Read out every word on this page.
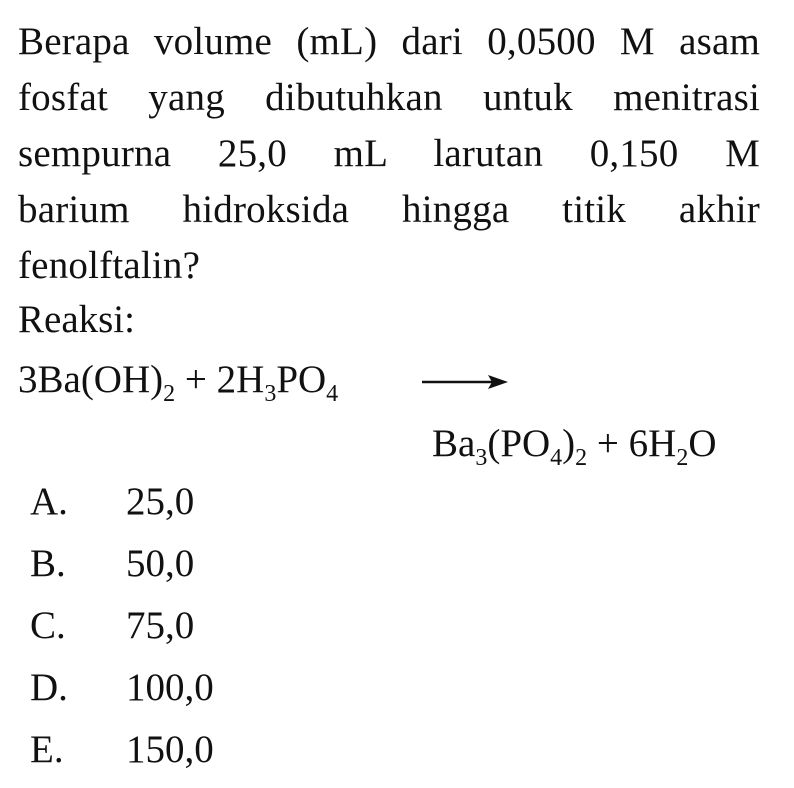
Berapa volume (mL) dari 0,0500 M asam
fosfat yang dibutuhkan untuk menitrasi
sempurna 25,0 mL larutan 0,150 M
barium hidroksida hingga titik akhir
fenolftalin?
Reaksi:
$3Ba(OH)_2 + 2H_3PO_4$
$Ba_3(PO_4)_2 + 6H_2O$
A.	25,0
B.	50,0
C.	75,0
D.	100,0
E.	150,0
